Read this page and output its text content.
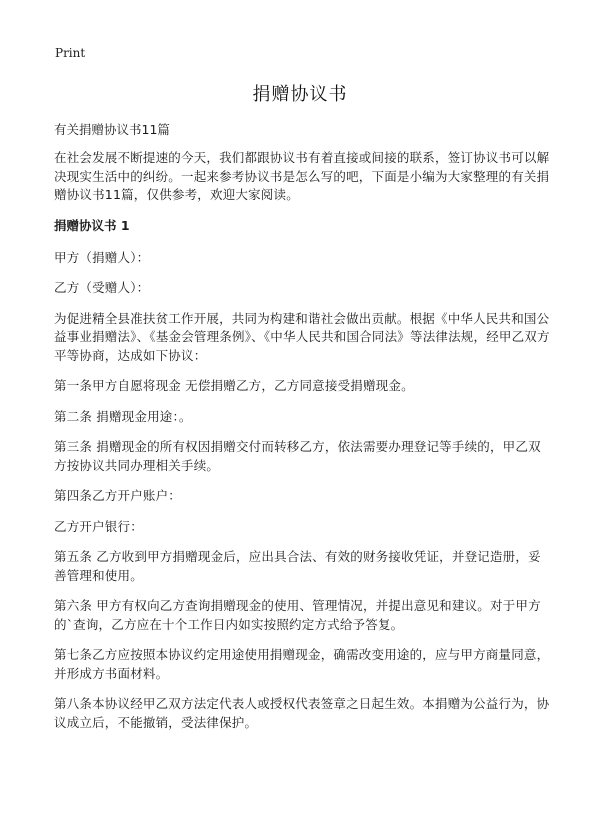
Print
捐赠协议书

有关捐赠协议书11篇

在社会发展不断提速的今天，我们都跟协议书有着直接或间接的联系，签订协议书可以解决现实生活中的纠纷。一起来参考协议书是怎么写的吧，下面是小编为大家整理的有关捐赠协议书11篇，仅供参考，欢迎大家阅读。

捐赠协议书 1

甲方（捐赠人）：

乙方（受赠人）：

为促进精全县准扶贫工作开展，共同为构建和谐社会做出贡献。根据《中华人民共和国公益事业捐赠法》、《基金会管理条例》、《中华人民共和国合同法》等法律法规，经甲乙双方平等协商，达成如下协议：

第一条甲方自愿将现金 无偿捐赠乙方，乙方同意接受捐赠现金。

第二条 捐赠现金用途：。

第三条 捐赠现金的所有权因捐赠交付而转移乙方，依法需要办理登记等手续的，甲乙双方按协议共同办理相关手续。

第四条乙方开户账户：

乙方开户银行：

第五条 乙方收到甲方捐赠现金后，应出具合法、有效的财务接收凭证，并登记造册，妥善管理和使用。

第六条 甲方有权向乙方查询捐赠现金的使用、管理情况，并提出意见和建议。对于甲方的`查询，乙方应在十个工作日内如实按照约定方式给予答复。

第七条乙方应按照本协议约定用途使用捐赠现金，确需改变用途的，应与甲方商量同意，并形成方书面材料。

第八条本协议经甲乙双方法定代表人或授权代表签章之日起生效。本捐赠为公益行为，协议成立后，不能撤销，受法律保护。
